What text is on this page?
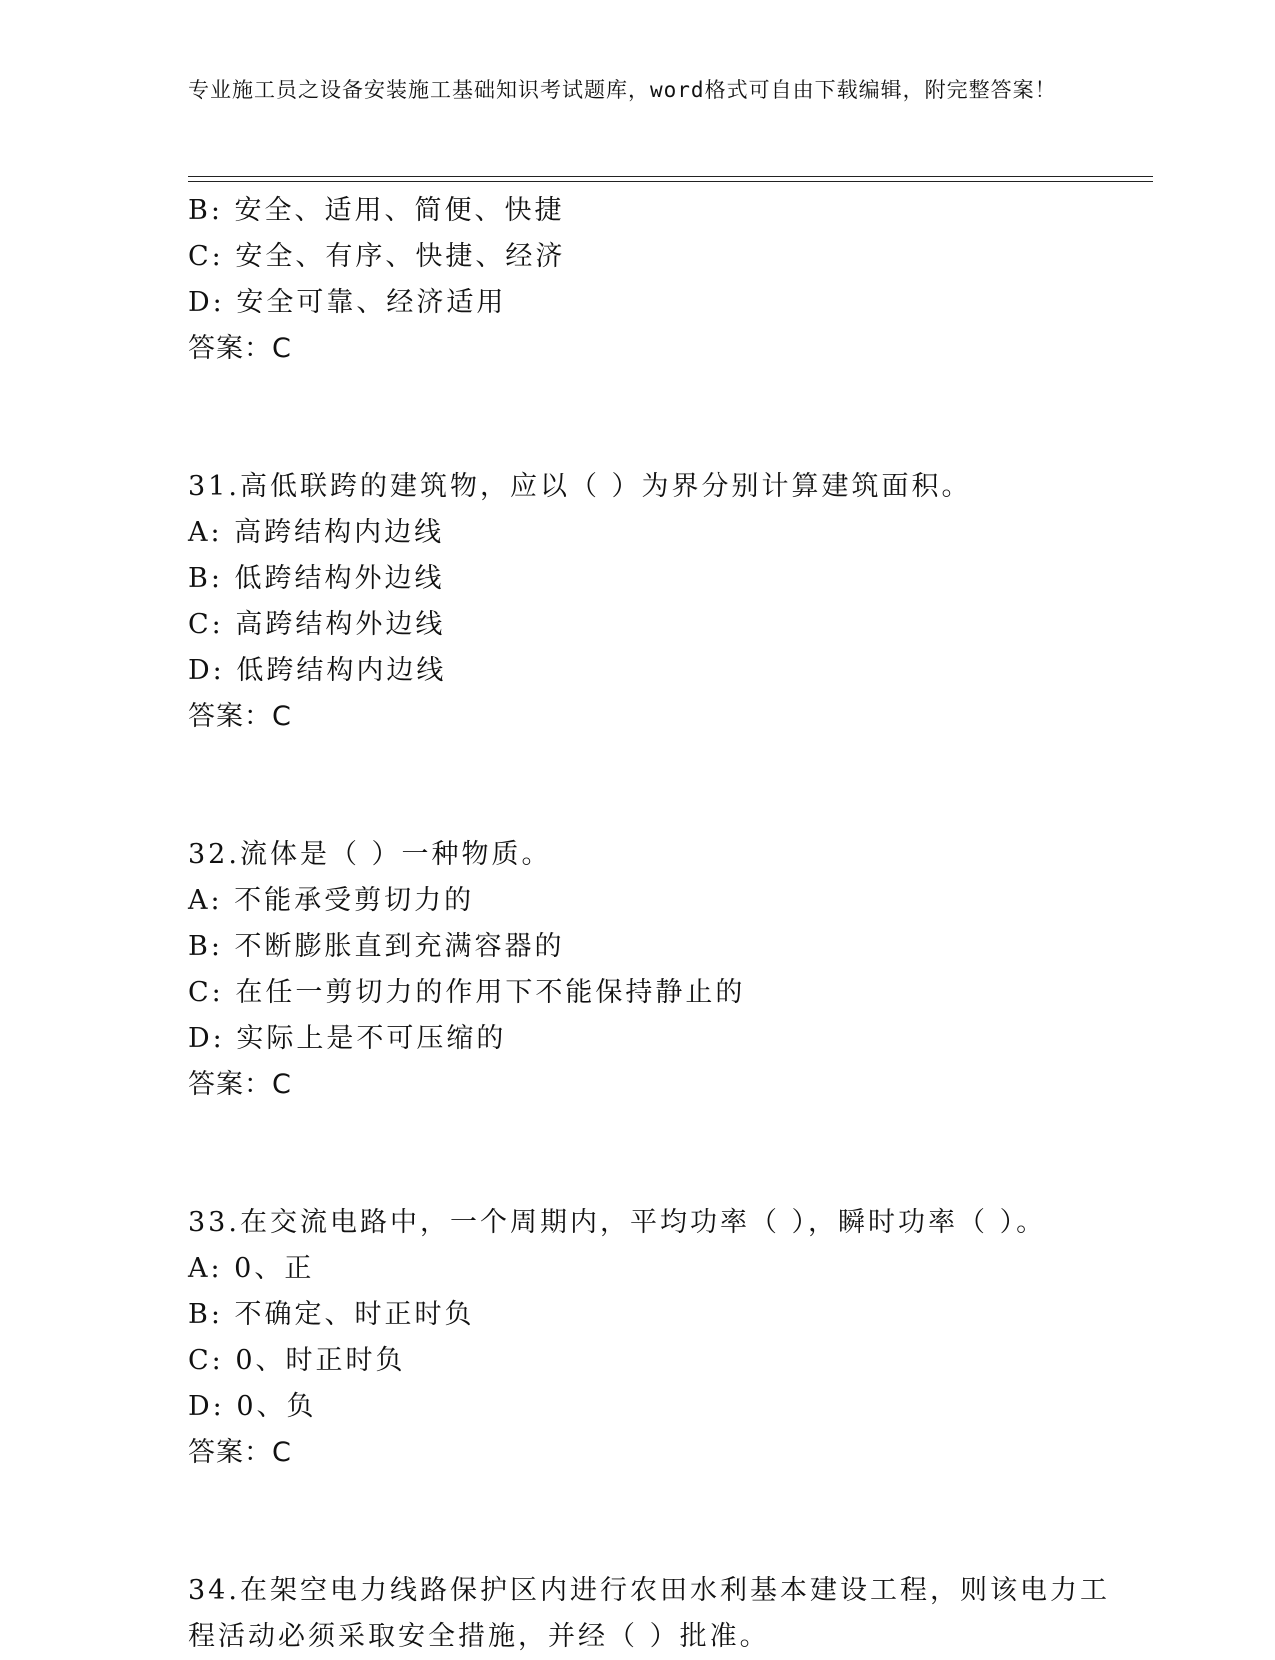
专业施工员之设备安装施工基础知识考试题库，word格式可自由下载编辑，附完整答案！
B: 安全、适用、简便、快捷
C: 安全、有序、快捷、经济
D: 安全可靠、经济适用
答案：C
31.高低联跨的建筑物，应以（ ）为界分别计算建筑面积。
A: 高跨结构内边线
B: 低跨结构外边线
C: 高跨结构外边线
D: 低跨结构内边线
答案：C
32.流体是（ ）一种物质。
A: 不能承受剪切力的
B: 不断膨胀直到充满容器的
C: 在任一剪切力的作用下不能保持静止的
D: 实际上是不可压缩的
答案：C
33.在交流电路中，一个周期内，平均功率（ ），瞬时功率（ ）。
A: 0、正
B: 不确定、时正时负
C: 0、时正时负
D: 0、负
答案：C
34.在架空电力线路保护区内进行农田水利基本建设工程，则该电力工程活动必须采取安全措施，并经（ ）批准。
